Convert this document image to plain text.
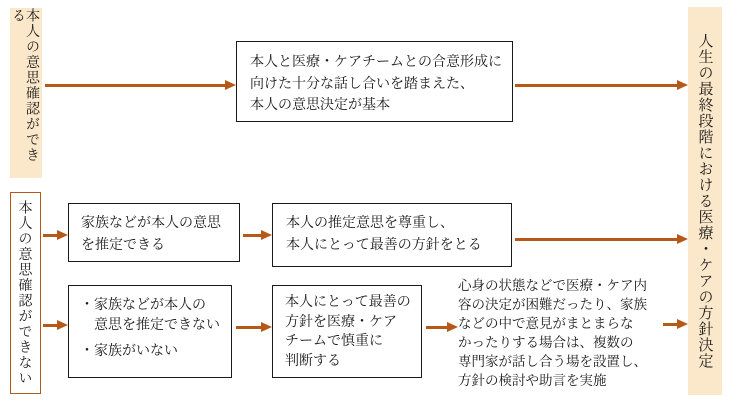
本人の意思確認ができる
本人の意思確認ができない	人生の最終段階における医療・ケアの方針決定
本人と医療・ケアチームとの合意形成に
向けた十分な話し合いを踏まえた、
本人の意思決定が基本
家族などが本人の意思
を推定できる
本人の推定意思を尊重し、
本人にとって最善の方針をとる
・家族などが本人の
意思を推定できない
・家族がいない
本人にとって最善の
方針を医療・ケア
チームで慎重に
判断する
心身の状態などで医療・ケア内
容の決定が困難だったり、家族
などの中で意見がまとまらな
かったりする場合は、複数の
専門家が話し合う場を設置し、
方針の検討や助言を実施
